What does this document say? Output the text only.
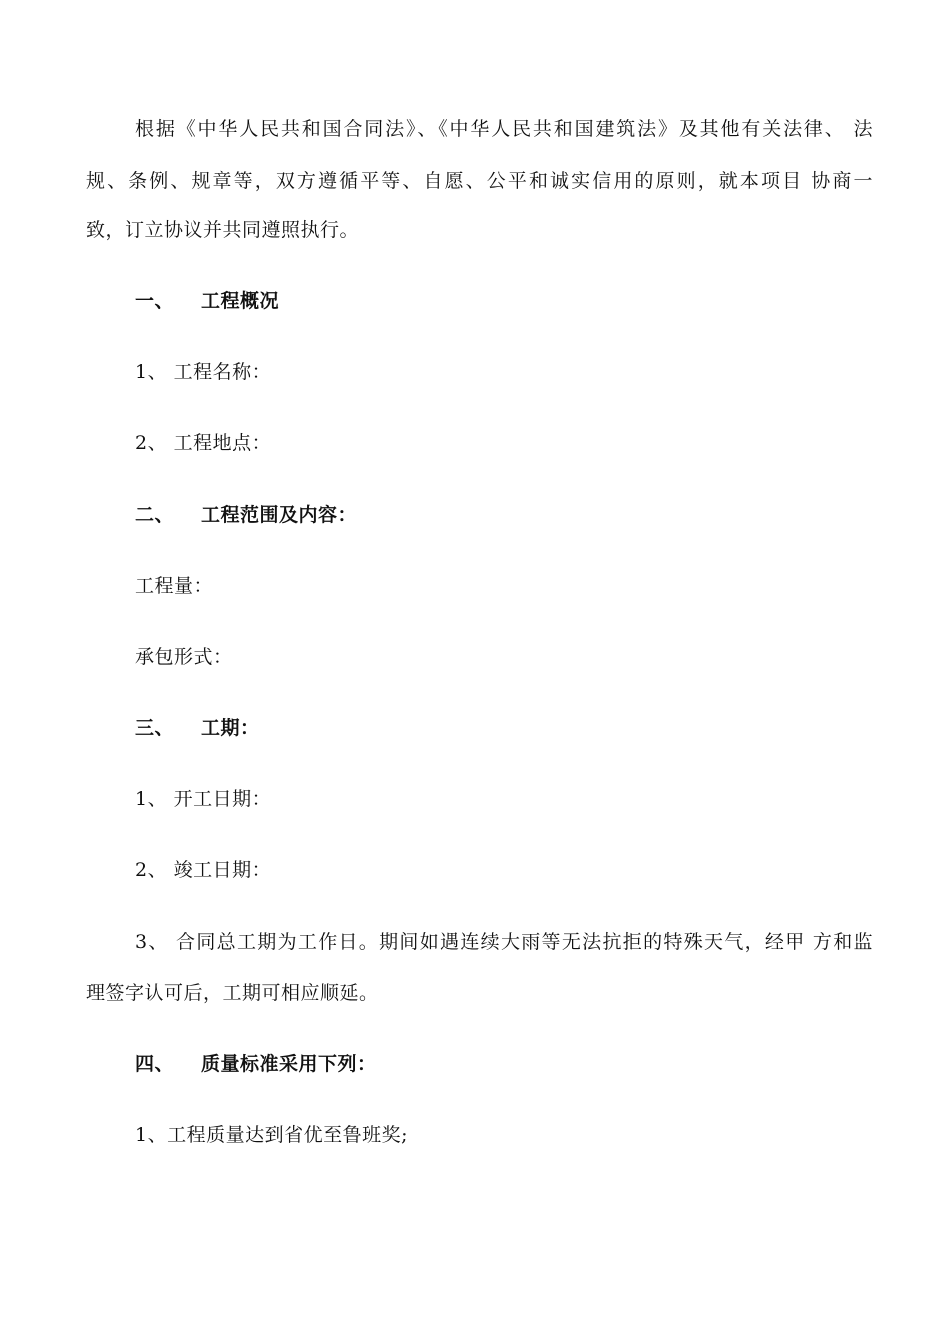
根据《中华人民共和国合同法》、《中华人民共和国建筑法》及其他有关法律、 法
规、条例、规章等，双方遵循平等、自愿、公平和诚实信用的原则，就本项目 协商一
致，订立协议并共同遵照执行。
一、 工程概况
1、 工程名称：
2、 工程地点：
二、 工程范围及内容：
工程量：
承包形式：
三、 工期：
1、 开工日期：
2、 竣工日期：
3、 合同总工期为工作日。期间如遇连续大雨等无法抗拒的特殊天气，经甲 方和监
理签字认可后，工期可相应顺延。
四、 质量标准采用下列：
1、工程质量达到省优至鲁班奖;
